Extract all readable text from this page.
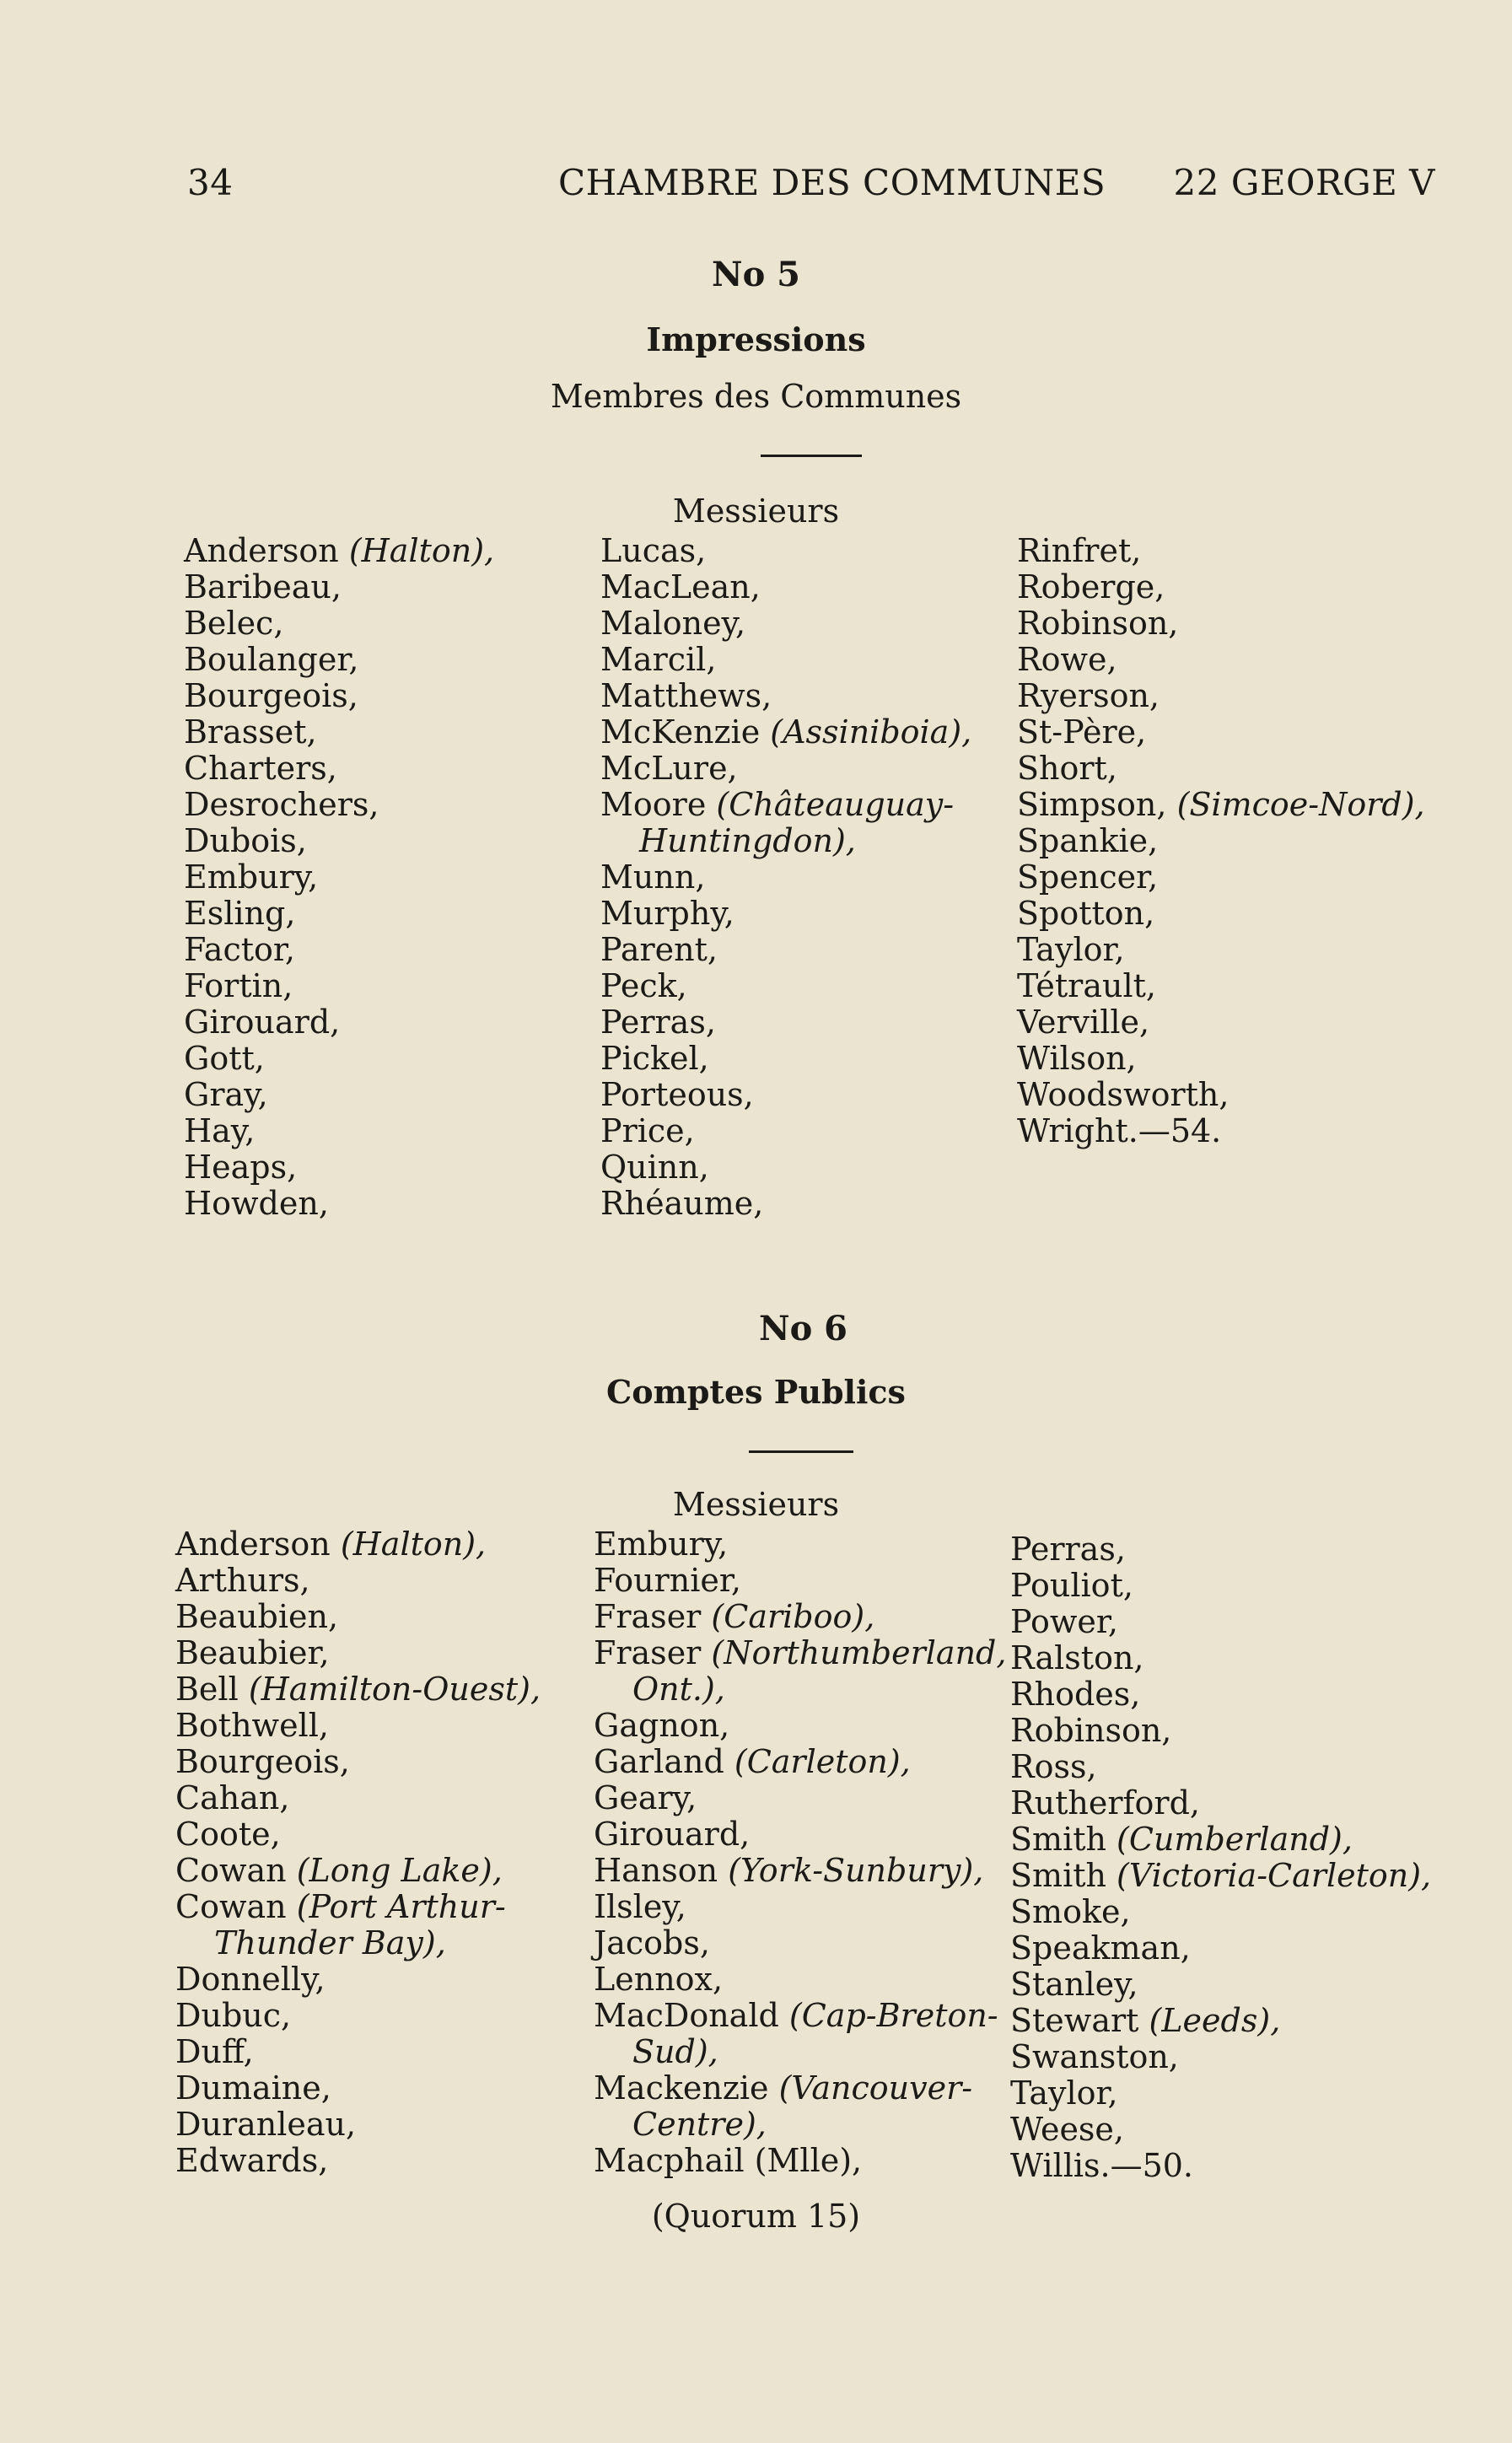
34	CHAMBRE DES COMMUNES 22 GEORGE V
No 5
Impressions
Membres des Communes
Messieurs
Anderson (Halton),
Baribeau,
Belec,
Boulanger,
Bourgeois,
Brasset,
Charters,
Desrochers,
Dubois,
Embury,
Esling,
Factor,
Fortin,
Girouard,
Gott,
Gray,
Hay,
Heaps,
Howden,
Lucas,
MacLean,
Maloney,
Marcil,
Matthews,
McKenzie (Assiniboia),
McLure,
Moore (Châteauguay-
Huntingdon),
Munn,
Murphy,
Parent,
Peck,
Perras,
Pickel,
Porteous,
Price,
Quinn,
Rhéaume,
Rinfret,
Roberge,
Robinson,
Rowe,
Ryerson,
St-Père,
Short,
Simpson, (Simcoe-Nord),
Spankie,
Spencer,
Spotton,
Taylor,
Tétrault,
Verville,
Wilson,
Woodsworth,
Wright.—54.
No 6
Comptes Publics
Messieurs
Anderson (Halton),
Arthurs,
Beaubien,
Beaubier,
Bell (Hamilton-Ouest),
Bothwell,
Bourgeois,
Cahan,
Coote,
Cowan (Long Lake),
Cowan (Port Arthur-
Thunder Bay),
Donnelly,
Dubuc,
Duff,
Dumaine,
Duranleau,
Edwards,
Embury,
Fournier,
Fraser (Cariboo),
Fraser (Northumberland,
Ont.),
Gagnon,
Garland (Carleton),
Geary,
Girouard,
Hanson (York-Sunbury),
Ilsley,
Jacobs,
Lennox,
MacDonald (Cap-Breton-
Sud),
Mackenzie (Vancouver-
Centre),
Macphail (Mlle),
Perras,
Pouliot,
Power,
Ralston,
Rhodes,
Robinson,
Ross,
Rutherford,
Smith (Cumberland),
Smith (Victoria-Carleton),
Smoke,
Speakman,
Stanley,
Stewart (Leeds),
Swanston,
Taylor,
Weese,
Willis.—50.
(Quorum 15)
